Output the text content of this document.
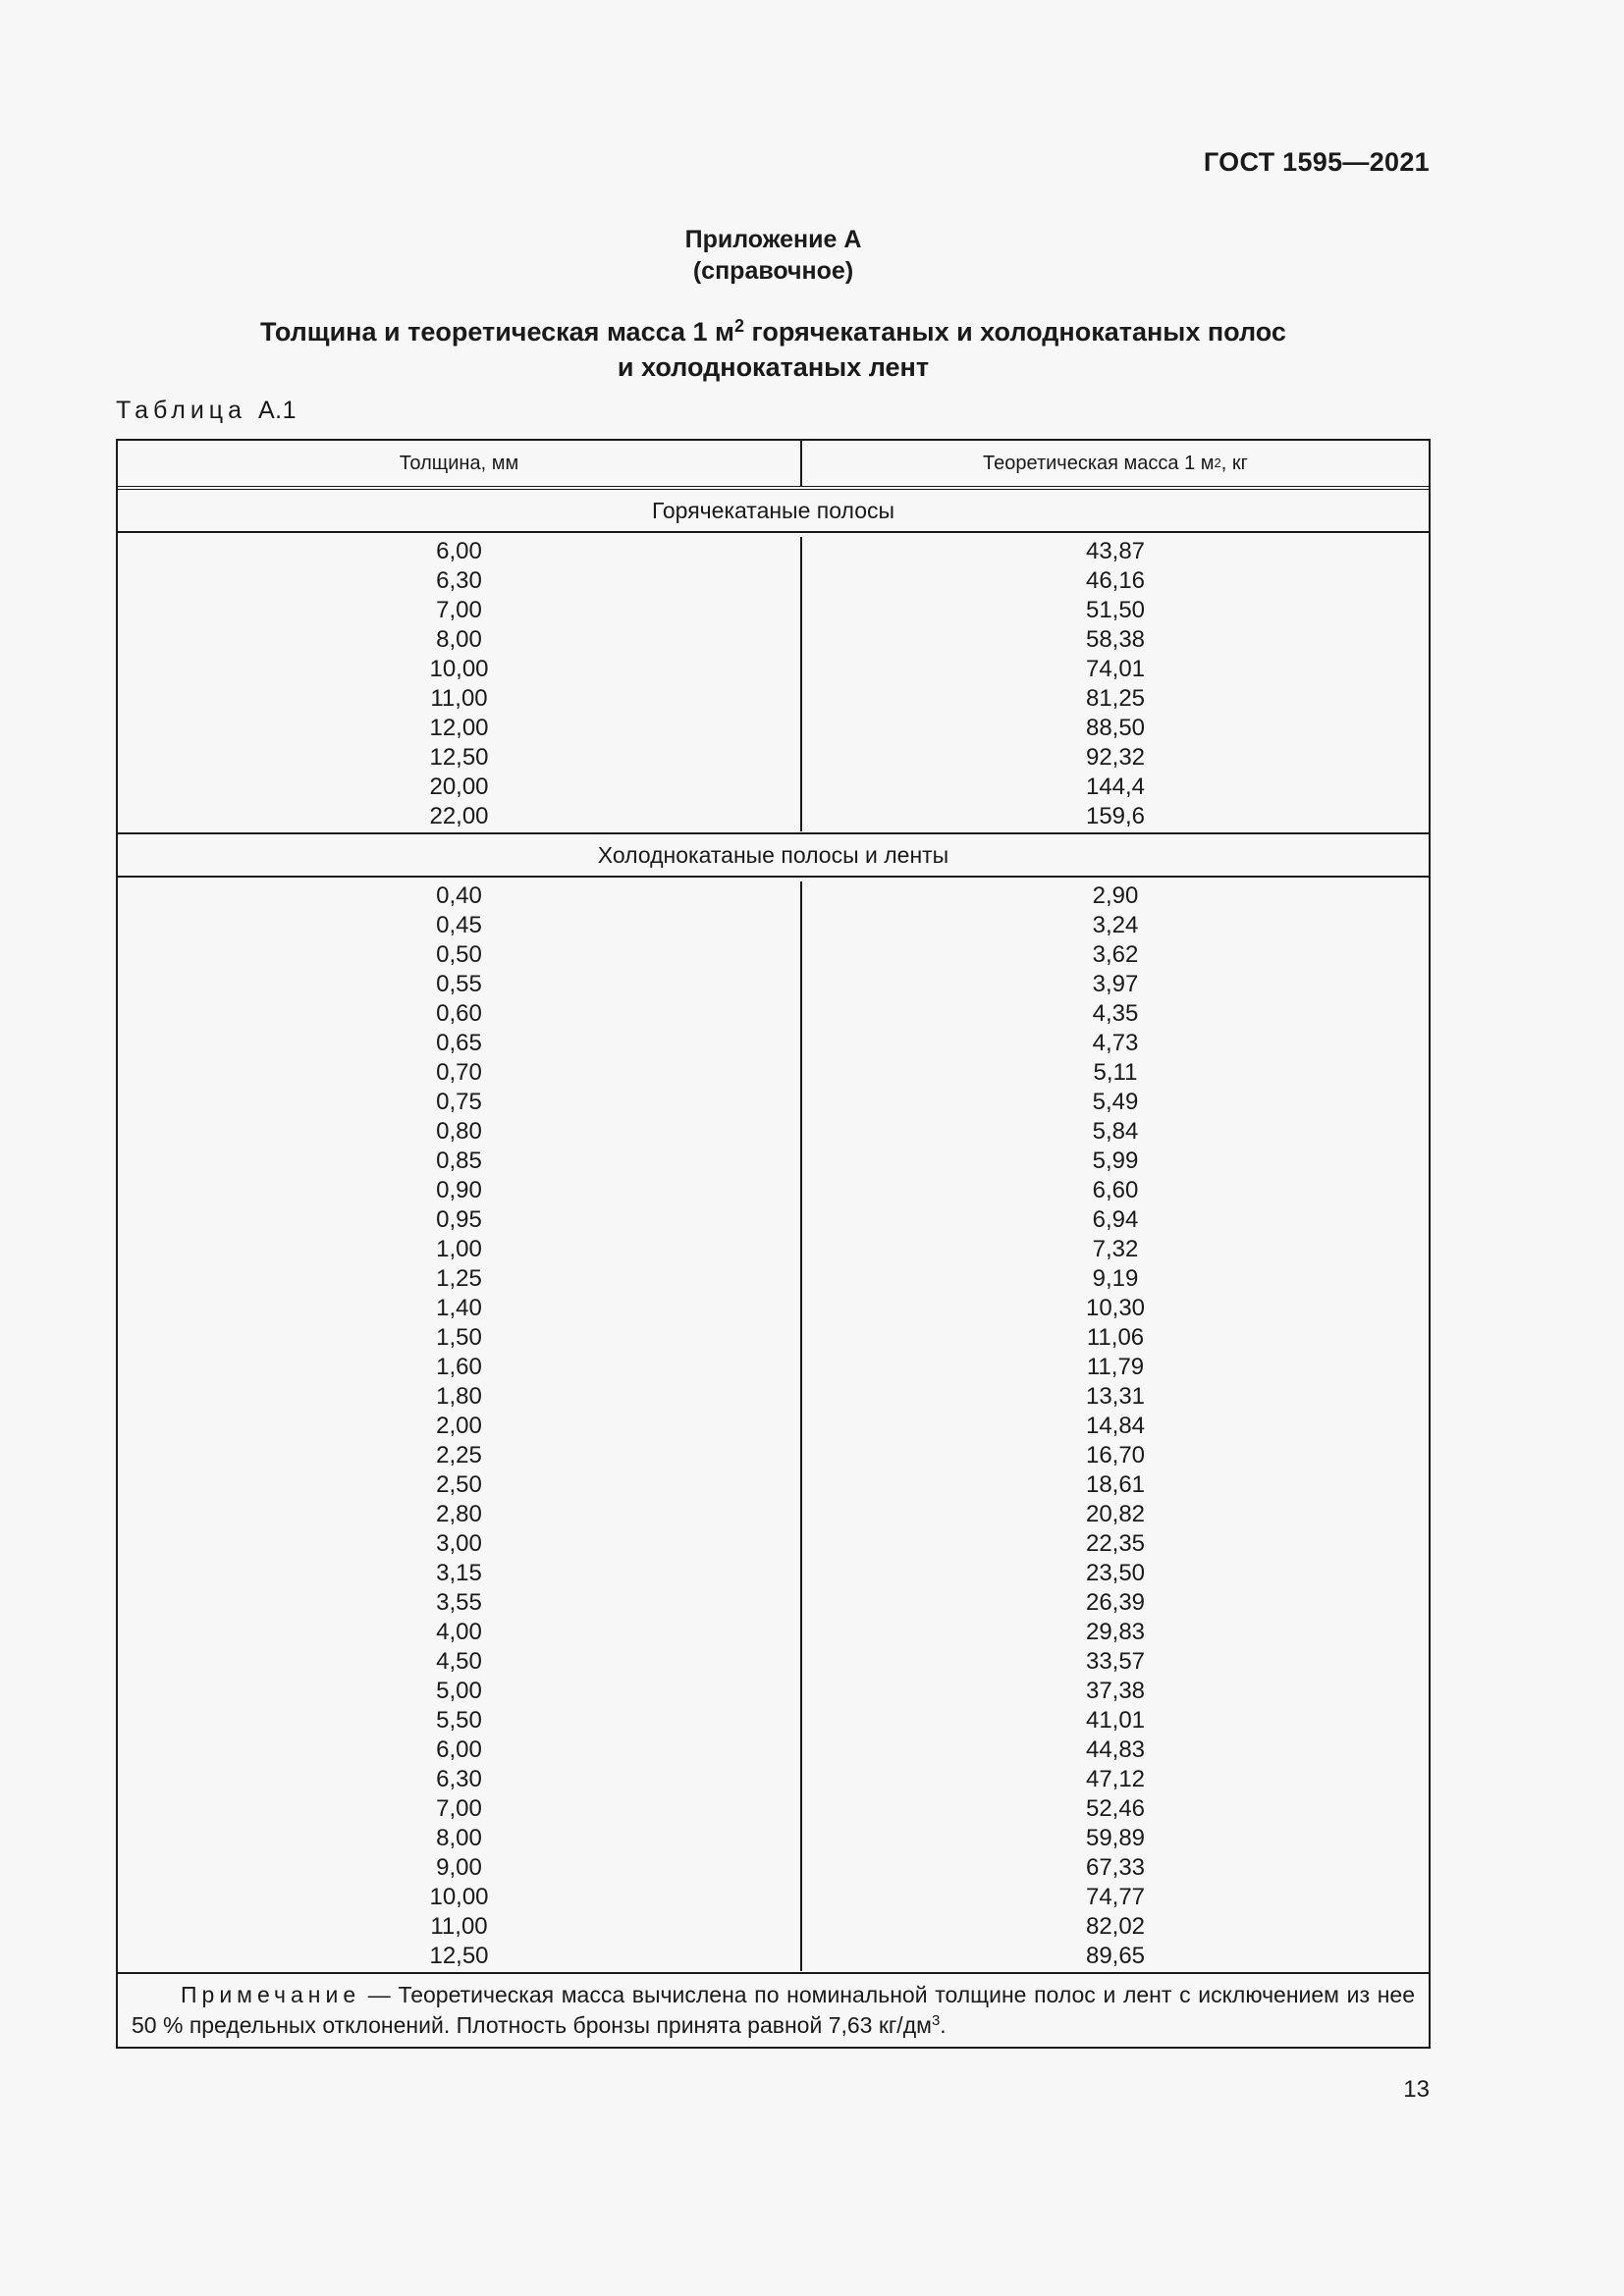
ГОСТ 1595—2021
Приложение А
(справочное)
Толщина и теоретическая масса 1 $м^2$ горячекатаных и холоднокатаных полос
и холоднокатаных лент
Таблица А.1
Толщина, мм	Теоретическая масса 1 м 2 , кг
Горячекатаные полосы
6,00
6,30
7,00
8,00
10,00
11,00
12,00
12,50
20,00
22,00
43,87
46,16
51,50
58,38
74,01
81,25
88,50
92,32
144,4
159,6
Холоднокатаные полосы и ленты
0,40
0,45
0,50
0,55
0,60
0,65
0,70
0,75
0,80
0,85
0,90
0,95
1,00
1,25
1,40
1,50
1,60
1,80
2,00
2,25
2,50
2,80
3,00
3,15
3,55
4,00
4,50
5,00
5,50
6,00
6,30
7,00
8,00
9,00
10,00
11,00
12,50
2,90
3,24
3,62
3,97
4,35
4,73
5,11
5,49
5,84
5,99
6,60
6,94
7,32
9,19
10,30
11,06
11,79
13,31
14,84
16,70
18,61
20,82
22,35
23,50
26,39
29,83
33,57
37,38
41,01
44,83
47,12
52,46
59,89
67,33
74,77
82,02
89,65
Примечание — Теоретическая масса вычислена по номинальной толщине полос и лент с исключением из нее 50 % предельных отклонений. Плотность бронзы принята равной 7,63 $кг/дм^3$.
13
